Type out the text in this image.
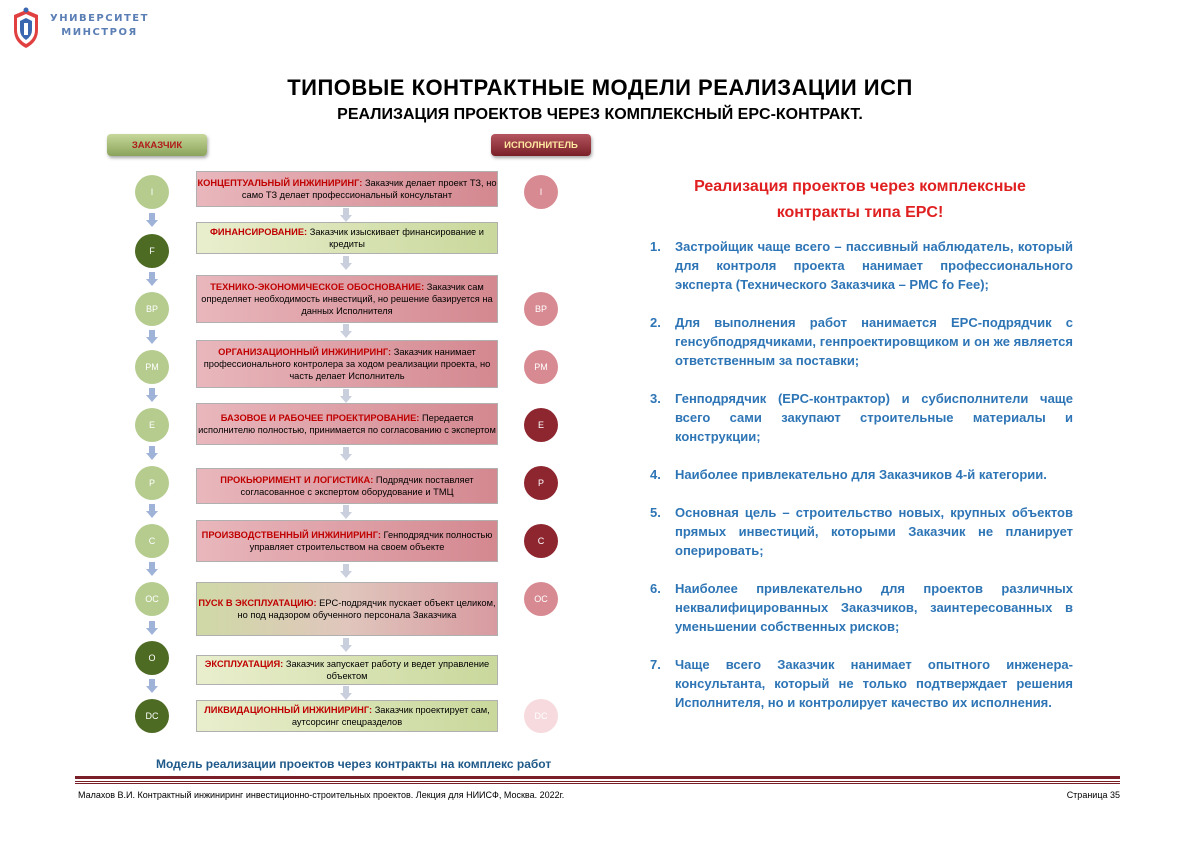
УНИВЕРСИТЕТ
МИНСТРОЯ
ТИПОВЫЕ КОНТРАКТНЫЕ МОДЕЛИ РЕАЛИЗАЦИИ ИСП
РЕАЛИЗАЦИЯ ПРОЕКТОВ ЧЕРЕЗ КОМПЛЕКСНЫЙ EPC-КОНТРАКТ.
ЗАКАЗЧИК	ИСПОЛНИТЕЛЬ
I
F
BP
PM
E
P
C
OC
O
DC
I
BP
PM
E
P
C
OC
DC
КОНЦЕПТУАЛЬНЫЙ ИНЖИНИРИНГ: Заказчик делает проект ТЗ, но само ТЗ делает профессиональный консультант
ФИНАНСИРОВАНИЕ: Заказчик изыскивает финансирование и кредиты
ТЕХНИКО-ЭКОНОМИЧЕСКОЕ ОБОСНОВАНИЕ: Заказчик сам определяет необходимость инвестиций, но решение базируется на данных Исполнителя
ОРГАНИЗАЦИОННЫЙ ИНЖИНИРИНГ: Заказчик нанимает профессионального контролера за ходом реализации проекта, но часть делает Исполнитель
БАЗОВОЕ И РАБОЧЕЕ ПРОЕКТИРОВАНИЕ: Передается исполнителю полностью, принимается по согласованию с экспертом
ПРОКЬЮРИМЕНТ И ЛОГИСТИКА: Подрядчик поставляет согласованное с экспертом оборудование и ТМЦ
ПРОИЗВОДСТВЕННЫЙ ИНЖИНИРИНГ: Генподрядчик полностью управляет строительством на своем объекте
ПУСК В ЭКСПЛУАТАЦИЮ: EPC-подрядчик пускает объект целиком, но под надзором обученного персонала Заказчика
ЭКСПЛУАТАЦИЯ: Заказчик запускает работу и ведет управление объектом
ЛИКВИДАЦИОННЫЙ ИНЖИНИРИНГ: Заказчик проектирует сам, аутсорсинг спецразделов
Модель реализации проектов через контракты на комплекс работ
Реализация проектов через комплексные
контракты типа EPC!
1.	Застройщик чаще всего – пассивный наблюдатель, который для контроля проекта нанимает профессионального эксперта (Технического Заказчика – PMC fo Fee);
2.	Для выполнения работ нанимается EPC-подрядчик с генсубподрядчиками, генпроектировщиком и он же является ответственным за поставки;
3.	Генподрядчик (EPC-контрактор) и субисполнители чаще всего сами закупают строительные материалы и конструкции;
4.	Наиболее привлекательно для Заказчиков 4-й категории.
5.	Основная цель – строительство новых, крупных объектов прямых инвестиций, которыми Заказчик не планирует оперировать;
6.	Наиболее привлекательно для проектов различных неквалифицированных Заказчиков, заинтересованных в уменьшении собственных рисков;
7.	Чаще всего Заказчик нанимает опытного инженера-консультанта, который не только подтверждает решения Исполнителя, но и контролирует качество их исполнения.
Малахов В.И. Контрактный инжиниринг инвестиционно-строительных проектов. Лекция для НИИСФ, Москва. 2022г.	Страница 35
